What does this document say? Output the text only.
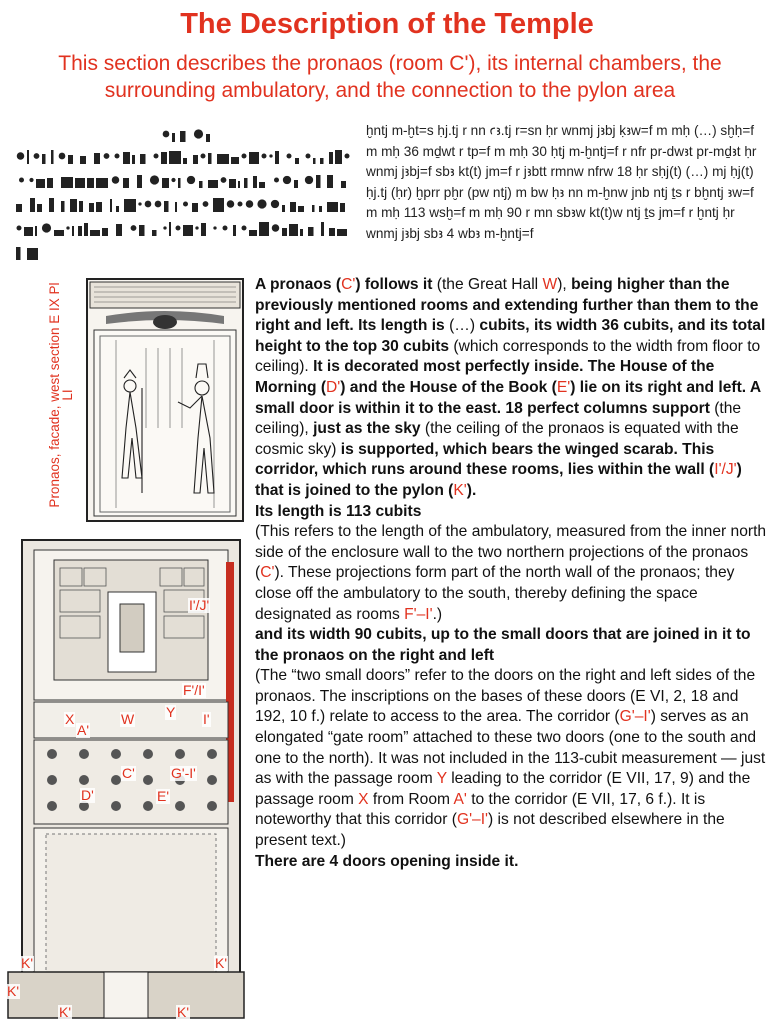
The Description of the Temple
This section describes the pronaos (room C'), its internal chambers, the surrounding ambulatory, and the connection to the pylon area
ḫntj m-ḫt=s ḥj.tj r nn ꜥꜣ.tj r=sn ḥr wnmj jꜣbj ḳꜣw=f m mḥ (…) sḫḥ=f m mḥ 36 mḏwt r tp=f m mḥ 30 ḥtj m-ḫntj=f r nfr pr-dwꜣt pr-mḏꜣt ḥr wnmj jꜣbj=f sbꜣ kt(t) jm=f r jꜣbtt rmnw nfrw 18 ḥr sḥj(t) (…) mj ḥj(t) ḥj.tj (ḥr) ḫprr pḫr (pw ntj) m bw ḥꜣ nn m-ḫnw jnb ntj ṯs r bḫntj ꜣw=f m mḥ 113 wsḫ=f m mḥ 90 r mn sbꜣw kt(t)w ntj ṯs jm=f r ḫntj ḥr wnmj jꜣbj sbꜣ 4 wbꜣ m-ḫntj=f
Pronaos, facade, west section E IX Pl LI
I'/J'
F'/I'
X
A'
W Y I'
C'	G'-I'
D'	E'
K'	K'
K'
K'	K'

A pronaos (C') follows it (the Great Hall W), being higher than the previously mentioned rooms and extending further than them to the right and left. Its length is (…) cubits, its width 36 cubits, and its total height to the top 30 cubits (which corresponds to the width from floor to ceiling). It is decorated most perfectly inside. The House of the Morning (D') and the House of the Book (E') lie on its right and left. A small door is within it to the east. 18 perfect columns support (the ceiling), just as the sky (the ceiling of the pronaos is equated with the cosmic sky) is supported, which bears the winged scarab. This corridor, which runs around these rooms, lies within the wall (I'/J') that is joined to the pylon (K').

Its length is 113 cubits

(This refers to the length of the ambulatory, measured from the inner north side of the enclosure wall to the two northern projections of the pronaos (C'). These projections form part of the north wall of the pronaos; they close off the ambulatory to the south, thereby defining the space designated as rooms F'–I'.)

and its width 90 cubits, up to the small doors that are joined in it to the pronaos on the right and left

(The “two small doors” refer to the doors on the right and left sides of the pronaos. The inscriptions on the bases of these doors (E VI, 2, 18 and 192, 10 f.) relate to access to the area. The corridor (G'–I') serves as an elongated “gate room” attached to these two doors (one to the south and one to the north). It was not included in the 113-cubit measurement — just as with the passage room Y leading to the corridor (E VII, 17, 9) and the passage room X from Room A' to the corridor (E VII, 17, 6 f.). It is noteworthy that this corridor (G'–I') is not described elsewhere in the present text.)

There are 4 doors opening inside it.
